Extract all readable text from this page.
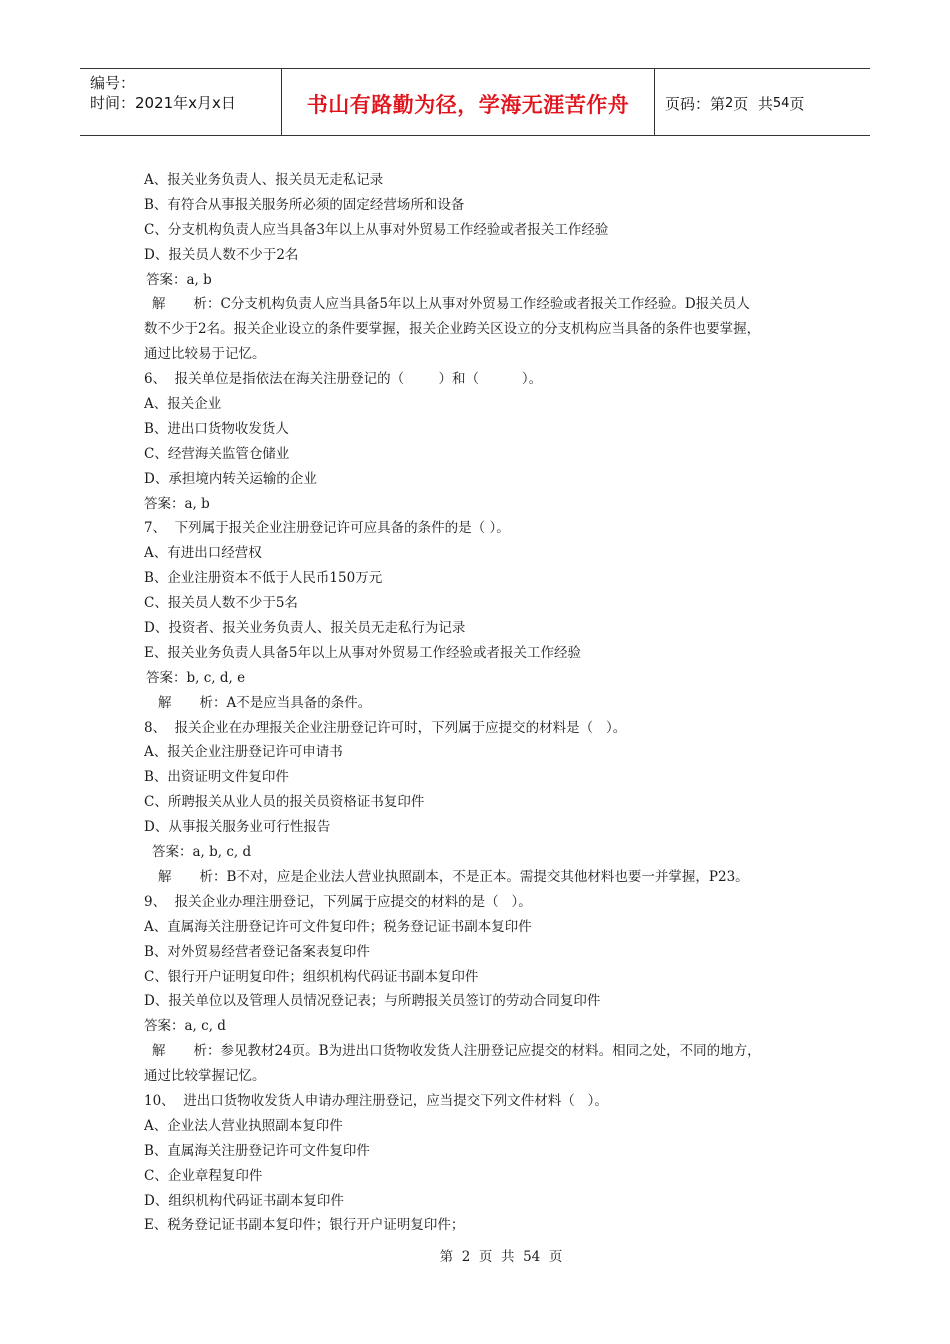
编号：
时间：2021年x月x日	书山有路勤为径，学海无涯苦作舟 页码：第 2 页  共 54 页
A、报关业务负责人、报关员无走私记录
B、有符合从事报关服务所必须的固定经营场所和设备
C、分支机构负责人应当具备3年以上从事对外贸易工作经验或者报关工作经验
D、报关员人数不少于2名
答案：a, b
解 析：C分支机构负责人应当具备5年以上从事对外贸易工作经验或者报关工作经验。D报关员人
数不少于2名。报关企业设立的条件要掌握，报关企业跨关区设立的分支机构应当具备的条件也要掌握，
通过比较易于记忆。
6、  报关单位是指依法在海关注册登记的（        ）和（          ）。
A、报关企业
B、进出口货物收发货人
C、经营海关监管仓储业
D、承担境内转关运输的企业
答案：a, b
7、  下列属于报关企业注册登记许可应具备的条件的是（ ）。
A、有进出口经营权
B、企业注册资本不低于人民币150万元
C、报关员人数不少于5名
D、投资者、报关业务负责人、报关员无走私行为记录
E、报关业务负责人具备5年以上从事对外贸易工作经验或者报关工作经验
答案：b, c, d, e
解 析：A不是应当具备的条件。
8、  报关企业在办理报关企业注册登记许可时，下列属于应提交的材料是（   ）。
A、报关企业注册登记许可申请书
B、出资证明文件复印件
C、所聘报关从业人员的报关员资格证书复印件
D、从事报关服务业可行性报告
答案：a, b, c, d
解 析：B不对，应是企业法人营业执照副本，不是正本。需提交其他材料也要一并掌握，P23。
9、  报关企业办理注册登记，下列属于应提交的材料的是（   ）。
A、直属海关注册登记许可文件复印件；税务登记证书副本复印件
B、对外贸易经营者登记备案表复印件
C、银行开户证明复印件；组织机构代码证书副本复印件
D、报关单位以及管理人员情况登记表；与所聘报关员签订的劳动合同复印件
答案：a, c, d
解 析：参见教材24页。B为进出口货物收发货人注册登记应提交的材料。相同之处，不同的地方，
通过比较掌握记忆。
10、  进出口货物收发货人申请办理注册登记，应当提交下列文件材料（   ）。
A、企业法人营业执照副本复印件
B、直属海关注册登记许可文件复印件
C、企业章程复印件
D、组织机构代码证书副本复印件
E、税务登记证书副本复印件；银行开户证明复印件；
第  2  页  共  54  页
